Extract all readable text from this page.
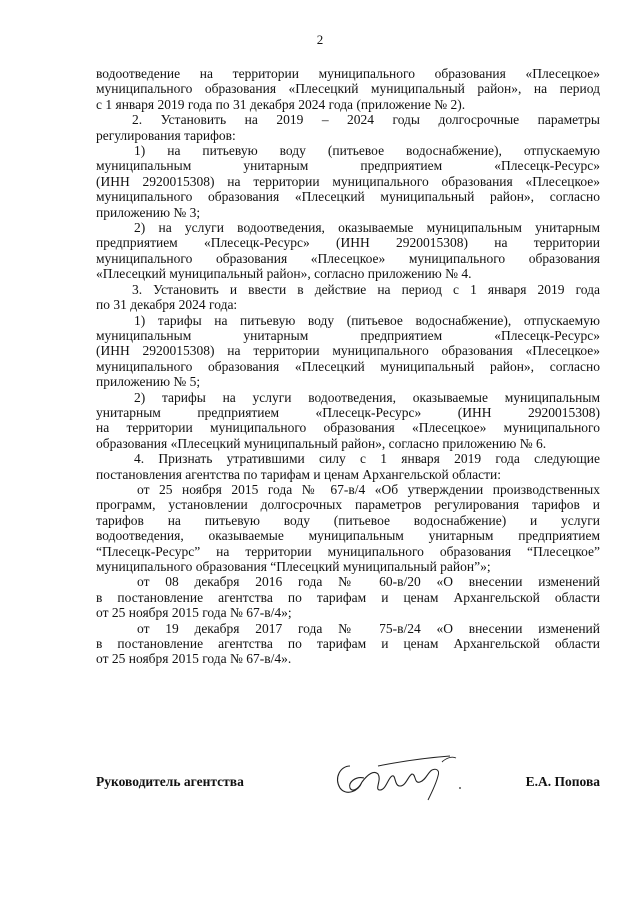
2
водоотведение на территории муниципального образования «Плесецкое»
муниципального образования «Плесецкий муниципальный район», на период
с 1 января 2019 года по 31 декабря 2024 года (приложение № 2).
2. Установить на 2019 – 2024 годы долгосрочные параметры
регулирования тарифов:
1) на питьевую воду (питьевое водоснабжение), отпускаемую
муниципальным унитарным предприятием «Плесецк-Ресурс»
(ИНН 2920015308) на территории муниципального образования «Плесецкое»
муниципального образования «Плесецкий муниципальный район», согласно
приложению № 3;
2) на услуги водоотведения, оказываемые муниципальным унитарным
предприятием «Плесецк-Ресурс» (ИНН 2920015308) на территории
муниципального образования «Плесецкое» муниципального образования
«Плесецкий муниципальный район», согласно приложению № 4.
3. Установить и ввести в действие на период с 1 января 2019 года
по 31 декабря 2024 года:
1) тарифы на питьевую воду (питьевое водоснабжение), отпускаемую
муниципальным унитарным предприятием «Плесецк-Ресурс»
(ИНН 2920015308) на территории муниципального образования «Плесецкое»
муниципального образования «Плесецкий муниципальный район», согласно
приложению № 5;
2) тарифы на услуги водоотведения, оказываемые муниципальным
унитарным предприятием «Плесецк-Ресурс» (ИНН 2920015308)
на территории муниципального образования «Плесецкое» муниципального
образования «Плесецкий муниципальный район», согласно приложению № 6.
4. Признать утратившими силу с 1 января 2019 года следующие
постановления агентства по тарифам и ценам Архангельской области:
от 25 ноября 2015 года № 67-в/4 «Об утверждении производственных
программ, установлении долгосрочных параметров регулирования тарифов и
тарифов на питьевую воду (питьевое водоснабжение) и услуги
водоотведения, оказываемые муниципальным унитарным предприятием
“Плесецк-Ресурс” на территории муниципального образования “Плесецкое”
муниципального образования “Плесецкий муниципальный район”»;
от 08 декабря 2016 года № 60-в/20 «О внесении изменений
в постановление агентства по тарифам и ценам Архангельской области
от 25 ноября 2015 года № 67-в/4»;
от 19 декабря 2017 года № 75-в/24 «О внесении изменений
в постановление агентства по тарифам и ценам Архангельской области
от 25 ноября 2015 года № 67-в/4».
Руководитель агентства	Е.А. Попова
